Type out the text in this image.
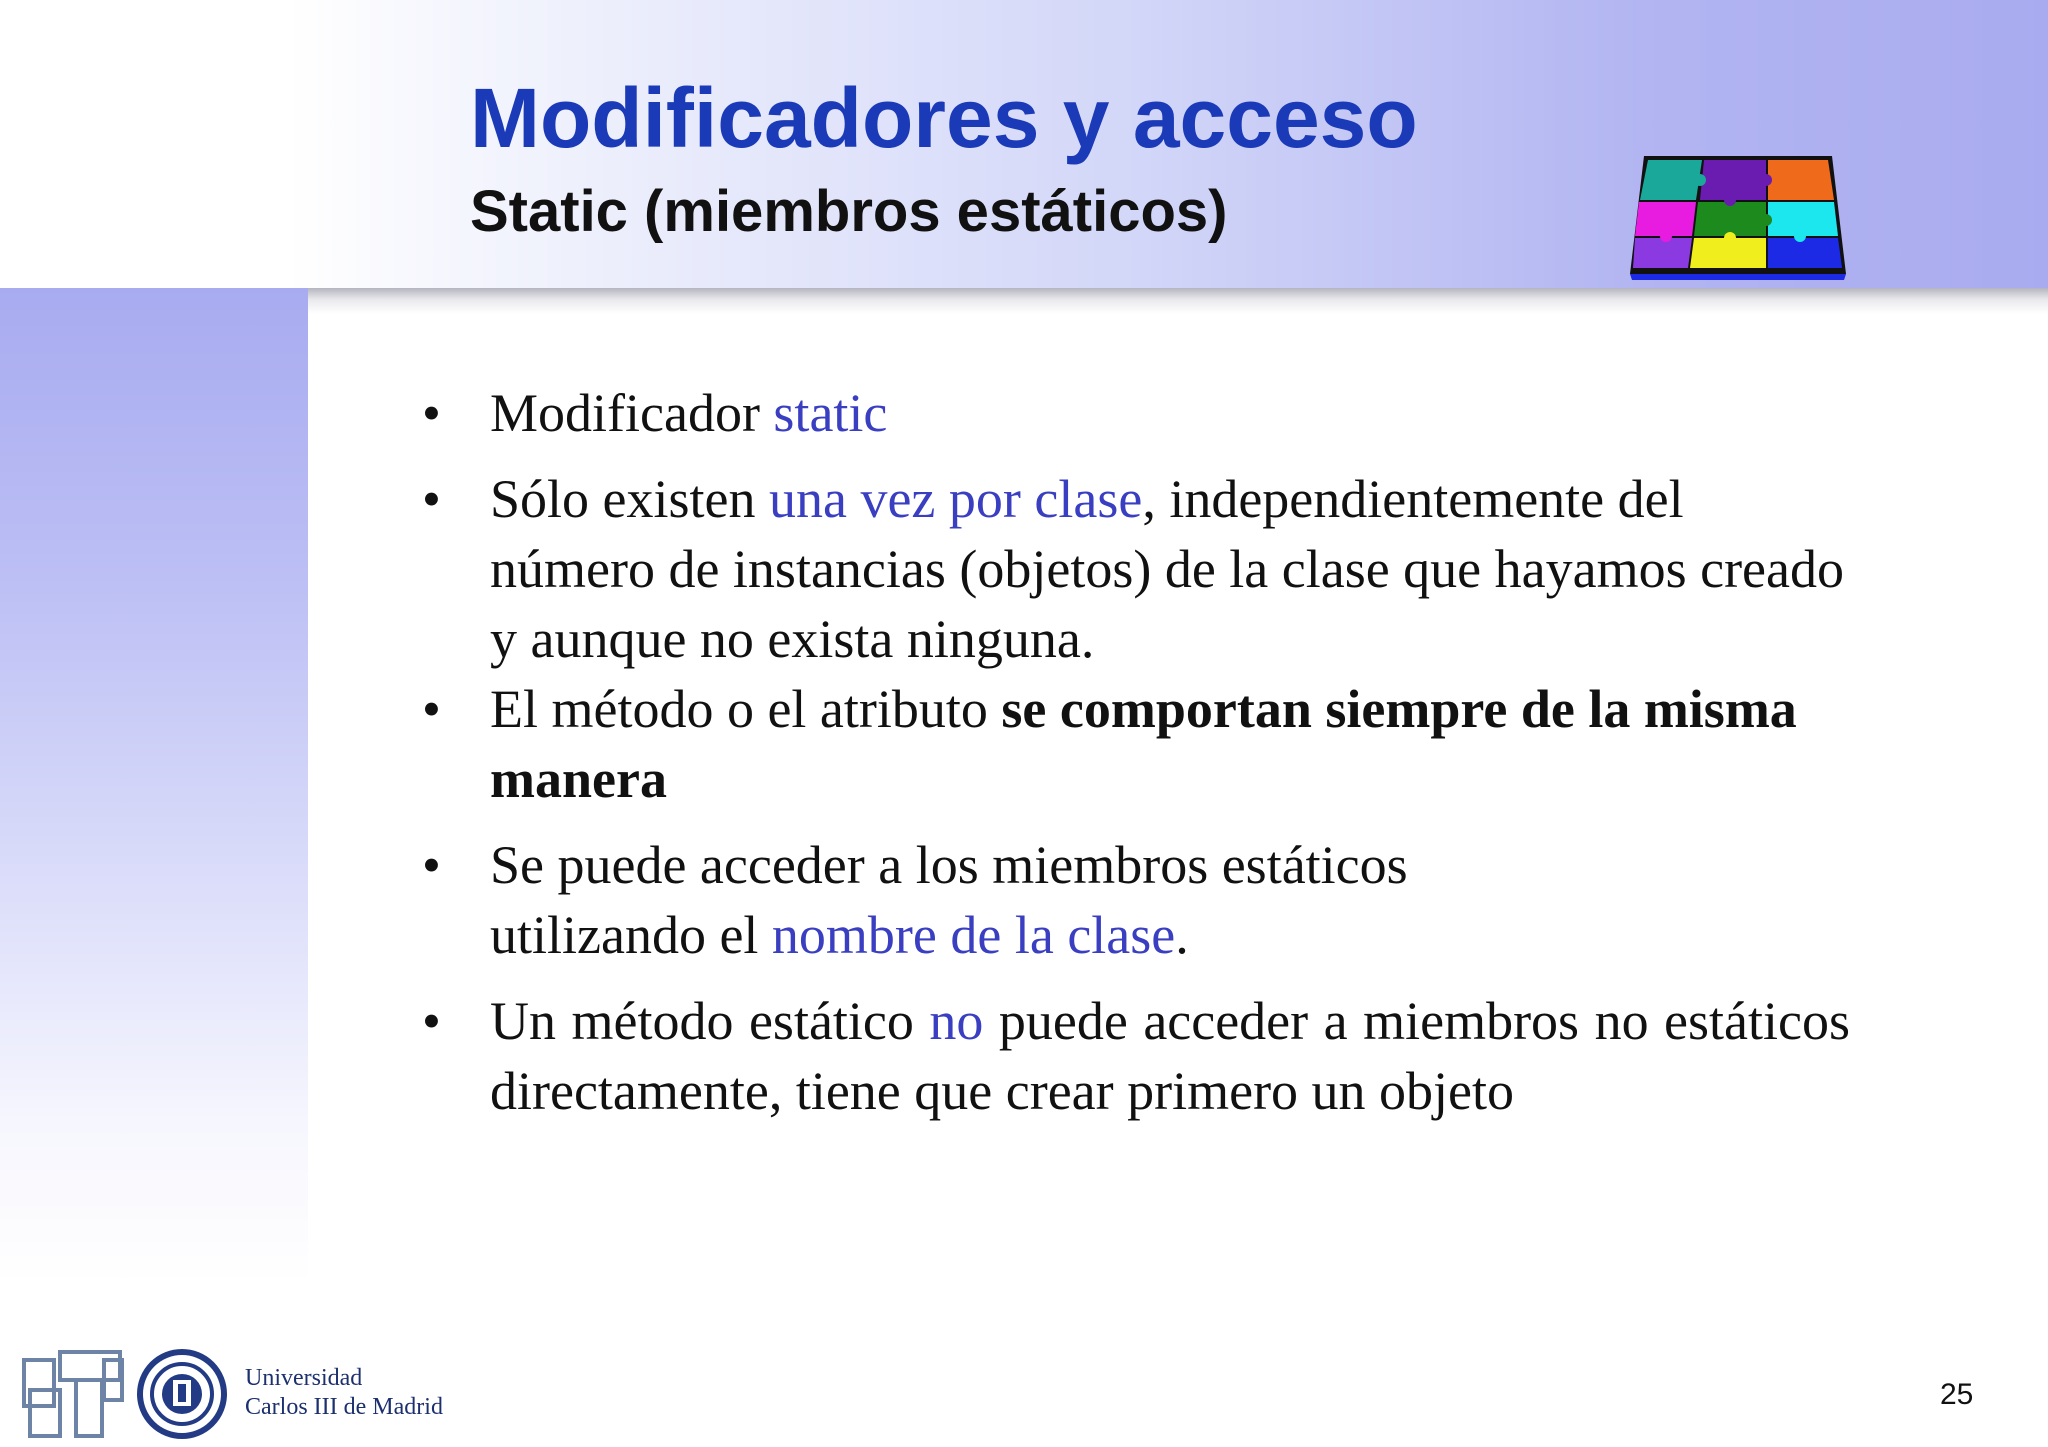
Modificadores y acceso
Static (miembros estáticos)
• Modificador static
• Sólo existen una vez por clase, independientemente del número de instancias (objetos) de la clase que hayamos creado y aunque no exista ninguna.
• El método o el atributo se comportan siempre de la misma manera
• Se puede acceder a los miembros estáticos utilizando el nombre de la clase.
• Un método estático no puede acceder a miembros no estáticos directamente, tiene que crear primero un objeto
Universidad
Carlos III de Madrid	25
